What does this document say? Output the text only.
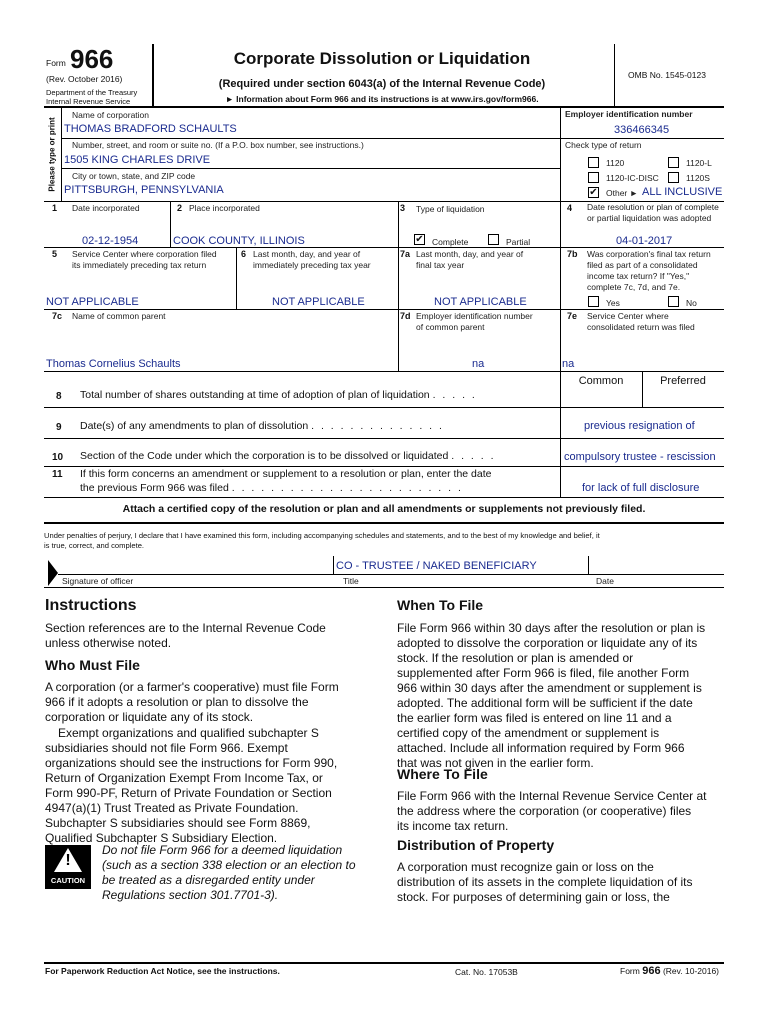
Form 966
(Rev. October 2016)
Department of the Treasury
Internal Revenue Service
Corporate Dissolution or Liquidation
(Required under section 6043(a) of the Internal Revenue Code)
► Information about Form 966 and its instructions is at www.irs.gov/form966.
OMB No. 1545-0123
Please type or print
Name of corporation
THOMAS BRADFORD SCHAULTS
Employer identification number
336466345
Number, street, and room or suite no. (If a P.O. box number, see instructions.)
1505 KING CHARLES DRIVE
Check type of return
City or town, state, and ZIP code
PITTSBURGH, PENNSYLVANIA
1120	1120-L
1120-IC-DISC	1120S
✔ Other ► ALL INCLUSIVE
1 Date incorporated
02-12-1954
2 Place incorporated
COOK COUNTY, ILLINOIS
3 Type of liquidation
✔ Complete	Partial
4 Date resolution or plan of complete
or partial liquidation was adopted
04-01-2017
5 Service Center where corporation filed
its immediately preceding tax return
NOT APPLICABLE
6 Last month, day, and year of
immediately preceding tax year
NOT APPLICABLE
7a Last month, day, and year of
final tax year
NOT APPLICABLE
7b Was corporation's final tax return
filed as part of a consolidated
income tax return? If "Yes,"
complete 7c, 7d, and 7e.
Yes	No
7c Name of common parent
Thomas Cornelius Schaults
7d Employer identification number
of common parent
na
7e Service Center where
consolidated return was filed
na
Common	Preferred
8 Total number of shares outstanding at time of adoption of plan of liquidation . . . . .
9 Date(s) of any amendments to plan of dissolution . . . . . . . . . . . . . .	previous resignation of
10 Section of the Code under which the corporation is to be dissolved or liquidated . . . . .	compulsory trustee - rescission
11 If this form concerns an amendment or supplement to a resolution or plan, enter the date
the previous Form 966 was filed . . . . . . . . . . . . . . . . . . . . . . . .	for lack of full disclosure
Attach a certified copy of the resolution or plan and all amendments or supplements not previously filed.
Under penalties of perjury, I declare that I have examined this form, including accompanying schedules and statements, and to the best of my knowledge and belief, it
is true, correct, and complete.
CO - TRUSTEE / NAKED BENEFICIARY
Signature of officer	Title	Date
Instructions
Section references are to the Internal Revenue Code
unless otherwise noted.
Who Must File
A corporation (or a farmer's cooperative) must file Form
966 if it adopts a resolution or plan to dissolve the
corporation or liquidate any of its stock.
Exempt organizations and qualified subchapter S
subsidiaries should not file Form 966. Exempt
organizations should see the instructions for Form 990,
Return of Organization Exempt From Income Tax, or
Form 990-PF, Return of Private Foundation or Section
4947(a)(1) Trust Treated as Private Foundation.
Subchapter S subsidiaries should see Form 8869,
Qualified Subchapter S Subsidiary Election.
!
CAUTION
Do not file Form 966 for a deemed liquidation
(such as a section 338 election or an election to
be treated as a disregarded entity under
Regulations section 301.7701-3).
When To File
File Form 966 within 30 days after the resolution or plan is
adopted to dissolve the corporation or liquidate any of its
stock. If the resolution or plan is amended or
supplemented after Form 966 is filed, file another Form
966 within 30 days after the amendment or supplement is
adopted. The additional form will be sufficient if the date
the earlier form was filed is entered on line 11 and a
certified copy of the amendment or supplement is
attached. Include all information required by Form 966
that was not given in the earlier form.
Where To File
File Form 966 with the Internal Revenue Service Center at
the address where the corporation (or cooperative) files
its income tax return.
Distribution of Property
A corporation must recognize gain or loss on the
distribution of its assets in the complete liquidation of its
stock. For purposes of determining gain or loss, the
For Paperwork Reduction Act Notice, see the instructions.	Cat. No. 17053B	Form 966 (Rev. 10-2016)
